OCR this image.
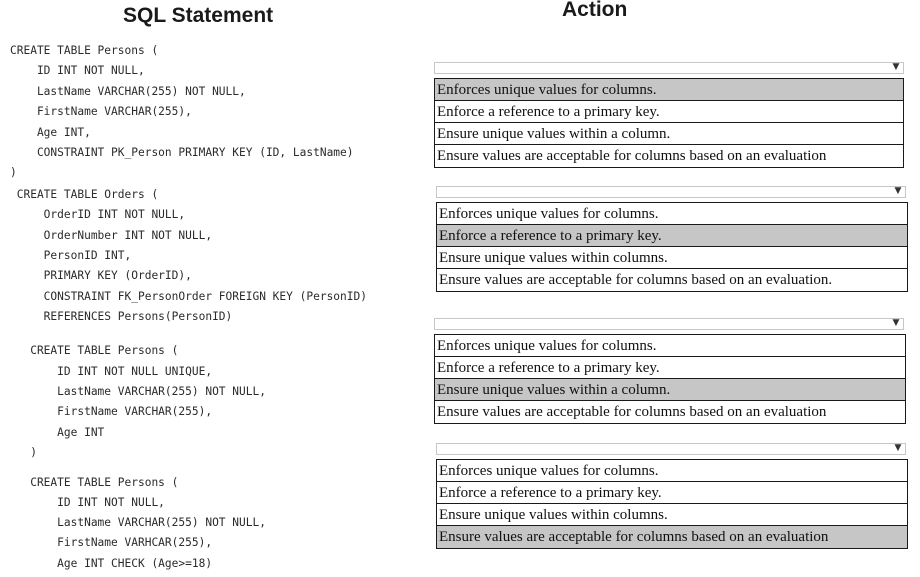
SQL Statement	Action
CREATE TABLE Persons (
ID INT NOT NULL,
LastName VARCHAR(255) NOT NULL,
FirstName VARCHAR(255),
Age INT,
CONSTRAINT PK_Person PRIMARY KEY (ID, LastName)
)
CREATE TABLE Orders (
OrderID INT NOT NULL,
OrderNumber INT NOT NULL,
PersonID INT,
PRIMARY KEY (OrderID),
CONSTRAINT FK_PersonOrder FOREIGN KEY (PersonID)
REFERENCES Persons(PersonID)
CREATE TABLE Persons (
ID INT NOT NULL UNIQUE,
LastName VARCHAR(255) NOT NULL,
FirstName VARCHAR(255),
Age INT
)
CREATE TABLE Persons (
ID INT NOT NULL,
LastName VARCHAR(255) NOT NULL,
FirstName VARHCAR(255),
Age INT CHECK (Age>=18)
▼
Enforces unique values for columns.
Enforce a reference to a primary key.
Ensure unique values within a column.
Ensure values are acceptable for columns based on an evaluation
▼
Enforces unique values for columns.
Enforce a reference to a primary key.
Ensure unique values within columns.
Ensure values are acceptable for columns based on an evaluation.
▼
Enforces unique values for columns.
Enforce a reference to a primary key.
Ensure unique values within a column.
Ensure values are acceptable for columns based on an evaluation
▼
Enforces unique values for columns.
Enforce a reference to a primary key.
Ensure unique values within columns.
Ensure values are acceptable for columns based on an evaluation
